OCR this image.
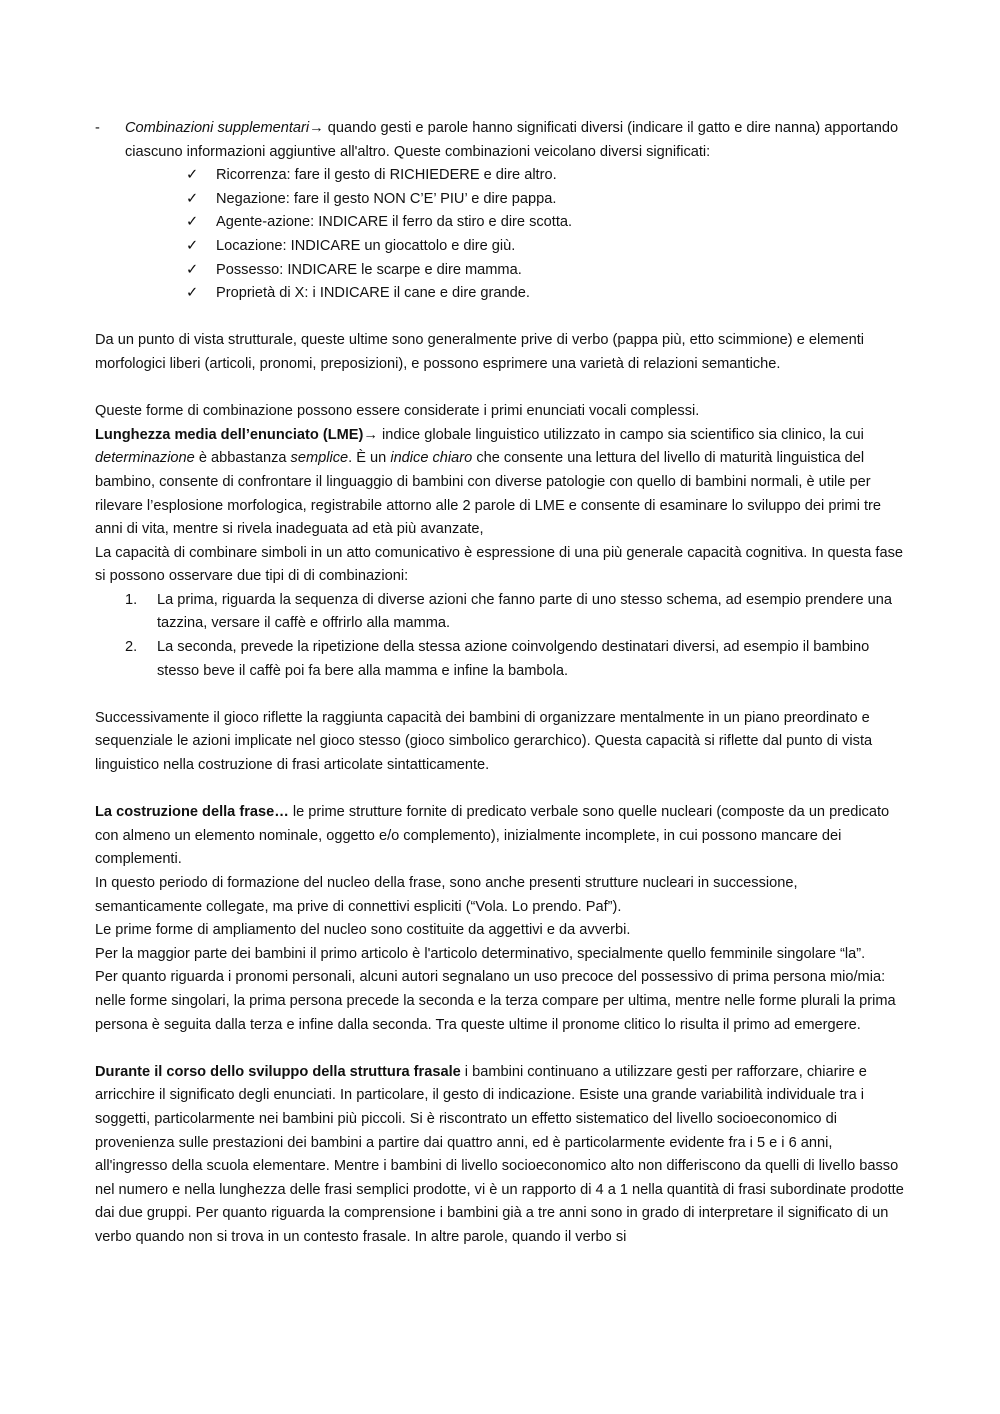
- Combinazioni supplementari→ quando gesti e parole hanno significati diversi (indicare il gatto e dire nanna) apportando ciascuno informazioni aggiuntive all'altro. Queste combinazioni veicolano diversi significati:

✓ Ricorrenza: fare il gesto di RICHIEDERE e dire altro.
✓ Negazione: fare il gesto NON C’E’ PIU’ e dire pappa.
✓ Agente-azione: INDICARE il ferro da stiro e dire scotta.
✓ Locazione: INDICARE un giocattolo e dire giù.
✓ Possesso: INDICARE le scarpe e dire mamma.
✓ Proprietà di X: i INDICARE il cane e dire grande.

Da un punto di vista strutturale, queste ultime sono generalmente prive di verbo (pappa più, etto scimmione) e elementi morfologici liberi (articoli, pronomi, preposizioni), e possono esprimere una varietà di relazioni semantiche.

Queste forme di combinazione possono essere considerate i primi enunciati vocali complessi.

Lunghezza media dell’enunciato (LME)→ indice globale linguistico utilizzato in campo sia scientifico sia clinico, la cui determinazione è abbastanza semplice. È un indice chiaro che consente una lettura del livello di maturità linguistica del bambino, consente di confrontare il linguaggio di bambini con diverse patologie con quello di bambini normali, è utile per rilevare l’esplosione morfologica, registrabile attorno alle 2 parole di LME e consente di esaminare lo sviluppo dei primi tre anni di vita, mentre si rivela inadeguata ad età più avanzate,

La capacità di combinare simboli in un atto comunicativo è espressione di una più generale capacità cognitiva. In questa fase si possono osservare due tipi di di combinazioni:

1. La prima, riguarda la sequenza di diverse azioni che fanno parte di uno stesso schema, ad esempio prendere una tazzina, versare il caffè e offrirlo alla mamma.
2. La seconda, prevede la ripetizione della stessa azione coinvolgendo destinatari diversi, ad esempio il bambino stesso beve il caffè poi fa bere alla mamma e infine la bambola.

Successivamente il gioco riflette la raggiunta capacità dei bambini di organizzare mentalmente in un piano preordinato e sequenziale le azioni implicate nel gioco stesso (gioco simbolico gerarchico). Questa capacità si riflette dal punto di vista linguistico nella costruzione di frasi articolate sintatticamente.

La costruzione della frase… le prime strutture fornite di predicato verbale sono quelle nucleari (composte da un predicato con almeno un elemento nominale, oggetto e/o complemento), inizialmente incomplete, in cui possono mancare dei complementi.

In questo periodo di formazione del nucleo della frase, sono anche presenti strutture nucleari in successione, semanticamente collegate, ma prive di connettivi espliciti (“Vola. Lo prendo. Paf”).

Le prime forme di ampliamento del nucleo sono costituite da aggettivi e da avverbi.

Per la maggior parte dei bambini il primo articolo è l'articolo determinativo, specialmente quello femminile singolare “la”.

Per quanto riguarda i pronomi personali, alcuni autori segnalano un uso precoce del possessivo di prima persona mio/mia: nelle forme singolari, la prima persona precede la seconda e la terza compare per ultima, mentre nelle forme plurali la prima persona è seguita dalla terza e infine dalla seconda. Tra queste ultime il pronome clitico lo risulta il primo ad emergere.

Durante il corso dello sviluppo della struttura frasale i bambini continuano a utilizzare gesti per rafforzare, chiarire e arricchire il significato degli enunciati. In particolare, il gesto di indicazione. Esiste una grande variabilità individuale tra i soggetti, particolarmente nei bambini più piccoli. Si è riscontrato un effetto sistematico del livello socioeconomico di provenienza sulle prestazioni dei bambini a partire dai quattro anni, ed è particolarmente evidente fra i 5 e i 6 anni, all'ingresso della scuola elementare. Mentre i bambini di livello socioeconomico alto non differiscono da quelli di livello basso nel numero e nella lunghezza delle frasi semplici prodotte, vi è un rapporto di 4 a 1 nella quantità di frasi subordinate prodotte dai due gruppi. Per quanto riguarda la comprensione i bambini già a tre anni sono in grado di interpretare il significato di un verbo quando non si trova in un contesto frasale. In altre parole, quando il verbo si
